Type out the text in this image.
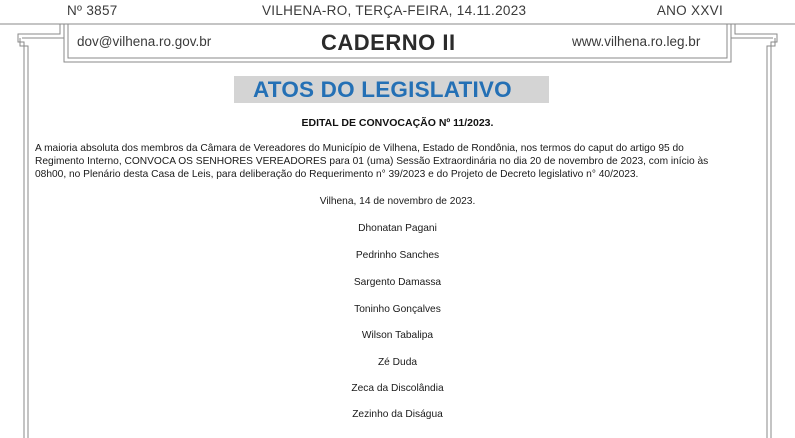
Nº 3857	VILHENA-RO, TERÇA-FEIRA, 14.11.2023	ANO XXVI
dov@vilhena.ro.gov.br	CADERNO II	www.vilhena.ro.leg.br
ATOS DO LEGISLATIVO
EDITAL DE CONVOCAÇÃO Nº 11/2023.
A maioria absoluta dos membros da Câmara de Vereadores do Município de Vilhena, Estado de Rondônia, nos termos do caput do artigo 95 do
Regimento Interno, CONVOCA OS SENHORES VEREADORES para 01 (uma) Sessão Extraordinária no dia 20 de novembro de 2023, com início às
08h00, no Plenário desta Casa de Leis, para deliberação do Requerimento n° 39/2023 e do Projeto de Decreto legislativo n° 40/2023.
Vilhena, 14 de novembro de 2023.
Dhonatan Pagani
Pedrinho Sanches
Sargento Damassa
Toninho Gonçalves
Wilson Tabalipa
Zé Duda
Zeca da Discolândia
Zezinho da Diságua
